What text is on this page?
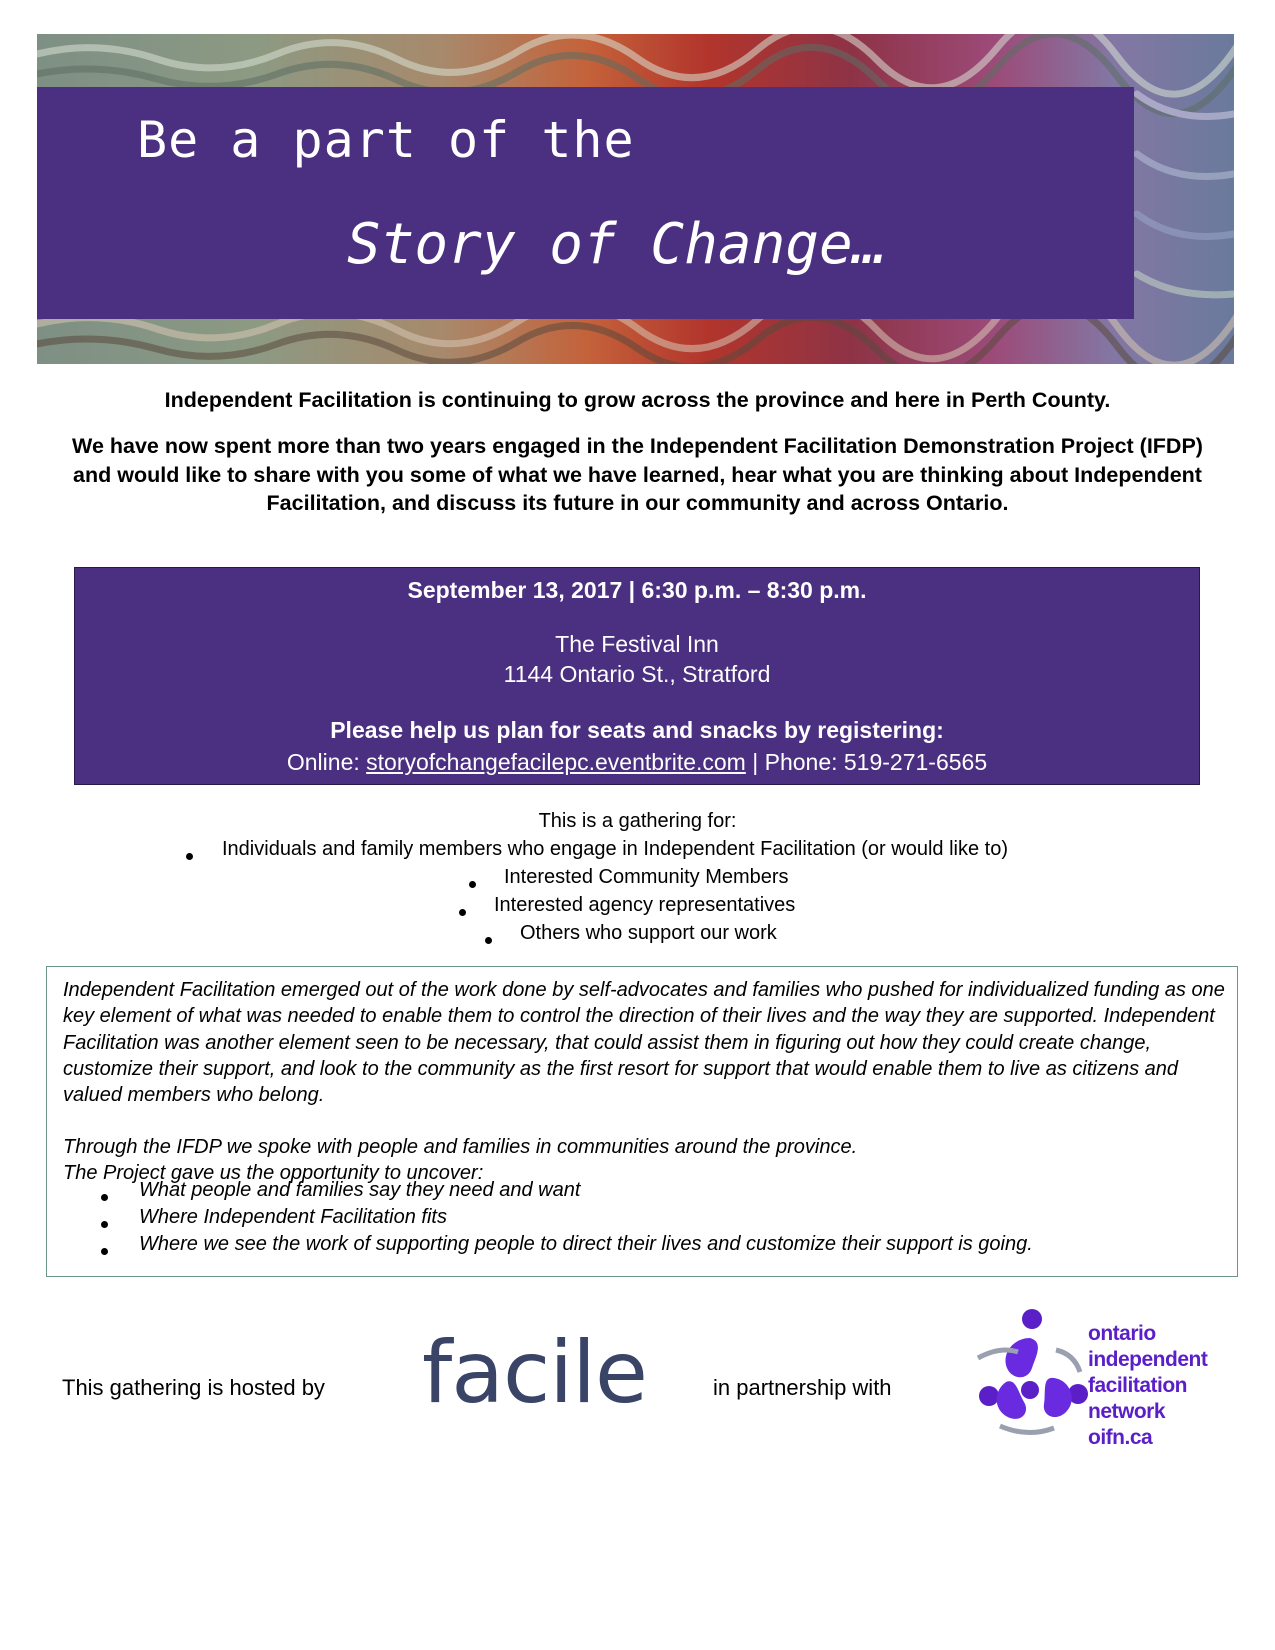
Be a part of the
Story of Change…
Independent Facilitation is continuing to grow across the province and here in Perth County.
We have now spent more than two years engaged in the Independent Facilitation Demonstration Project (IFDP) and would like to share with you some of what we have learned, hear what you are thinking about Independent Facilitation, and discuss its future in our community and across Ontario.
September 13, 2017 | 6:30 p.m. – 8:30 p.m.
The Festival Inn
1144 Ontario St., Stratford
Please help us plan for seats and snacks by registering:
Online: storyofchangefacilepc.eventbrite.com | Phone: 519-271-6565
This is a gathering for:
Individuals and family members who engage in Independent Facilitation (or would like to)
Interested Community Members
Interested agency representatives
Others who support our work
Independent Facilitation emerged out of the work done by self-advocates and families who pushed for individualized funding as one key element of what was needed to enable them to control the direction of their lives and the way they are supported. Independent Facilitation was another element seen to be necessary, that could assist them in figuring out how they could create change, customize their support, and look to the community as the first resort for support that would enable them to live as citizens and valued members who belong.
Through the IFDP we spoke with people and families in communities around the province.
The Project gave us the opportunity to uncover:
What people and families say they need and want
Where Independent Facilitation fits
Where we see the work of supporting people to direct their lives and customize their support is going.
This gathering is hosted by facile	in partnership with
ontario
independent
facilitation
network
oifn.ca
